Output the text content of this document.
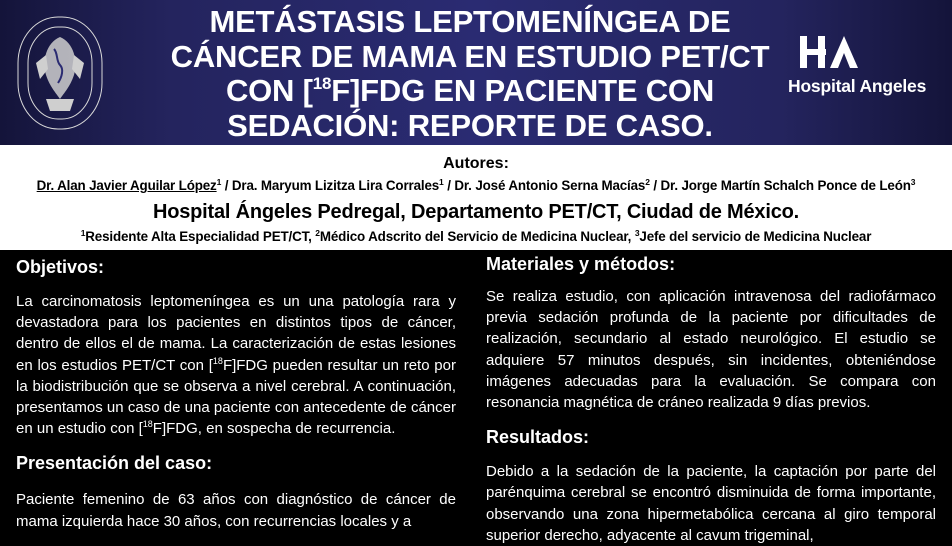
METÁSTASIS LEPTOMENÍNGEA DE
CÁNCER DE MAMA EN ESTUDIO PET/CT
CON [$^{18}$F]FDG EN PACIENTE CON
SEDACIÓN: REPORTE DE CASO.
Hospital Angeles
Autores:
Dr. Alan Javier Aguilar López$^1$ / Dra. Maryum Lizitza Lira Corrales$^1$ / Dr. José Antonio Serna Macías$^2$ / Dr. Jorge Martín Schalch Ponce de León$^3$
Hospital Ángeles Pedregal, Departamento PET/CT, Ciudad de México.
$^1$Residente Alta Especialidad PET/CT, $^2$Médico Adscrito del Servicio de Medicina Nuclear, $^3$Jefe del servicio de Medicina Nuclear
Objetivos:

La carcinomatosis leptomeníngea es un una patología rara y devastadora para los pacientes en distintos tipos de cáncer, dentro de ellos el de mama. La caracterización de estas lesiones en los estudios PET/CT con [$^{18}$F]FDG pueden resultar un reto por la biodistribución que se observa a nivel cerebral. A continuación, presentamos un caso de una paciente con antecedente de cáncer en un estudio con [$^{18}$F]FDG, en sospecha de recurrencia.

Presentación del caso:

Paciente femenino de 63 años con diagnóstico de cáncer de mama izquierda hace 30 años, con recurrencias locales y a

Materiales y métodos:

Se realiza estudio, con aplicación intravenosa del radiofármaco previa sedación profunda de la paciente por dificultades de realización, secundario al estado neurológico. El estudio se adquiere 57 minutos después, sin incidentes, obteniéndose imágenes adecuadas para la evaluación. Se compara con resonancia magnética de cráneo realizada 9 días previos.

Resultados:

Debido a la sedación de la paciente, la captación por parte del parénquima cerebral se encontró disminuida de forma importante, observando una zona hipermetabólica cercana al giro temporal superior derecho, adyacente al cavum trigeminal,
